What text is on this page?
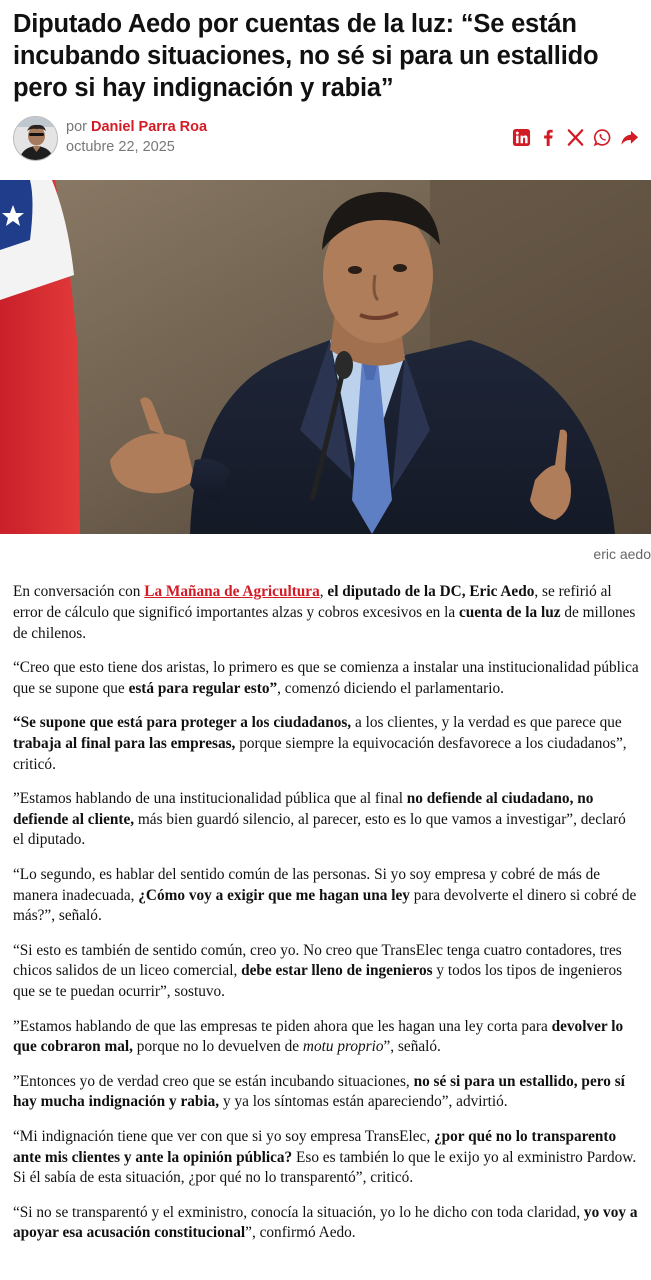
Diputado Aedo por cuentas de la luz: “Se están incubando situaciones, no sé si para un estallido pero si hay indignación y rabia”
por Daniel Parra Roa
octubre 22, 2025
eric aedo

En conversación con La Mañana de Agricultura, el diputado de la DC, Eric Aedo, se refirió al error de cálculo que significó importantes alzas y cobros excesivos en la cuenta de la luz de millones de chilenos.

“Creo que esto tiene dos aristas, lo primero es que se comienza a instalar una institucionalidad pública que se supone que está para regular esto”, comenzó diciendo el parlamentario.

“Se supone que está para proteger a los ciudadanos, a los clientes, y la verdad es que parece que trabaja al final para las empresas, porque siempre la equivocación desfavorece a los ciudadanos”, criticó.

”Estamos hablando de una institucionalidad pública que al final no defiende al ciudadano, no defiende al cliente, más bien guardó silencio, al parecer, esto es lo que vamos a investigar”, declaró el diputado.

“Lo segundo, es hablar del sentido común de las personas. Si yo soy empresa y cobré de más de manera inadecuada, ¿Cómo voy a exigir que me hagan una ley para devolverte el dinero si cobré de más?”, señaló.

“Si esto es también de sentido común, creo yo. No creo que TransElec tenga cuatro contadores, tres chicos salidos de un liceo comercial, debe estar lleno de ingenieros y todos los tipos de ingenieros que se te puedan ocurrir”, sostuvo.

”Estamos hablando de que las empresas te piden ahora que les hagan una ley corta para devolver lo que cobraron mal, porque no lo devuelven de motu proprio”, señaló.

”Entonces yo de verdad creo que se están incubando situaciones, no sé si para un estallido, pero sí hay mucha indignación y rabia, y ya los síntomas están apareciendo”, advirtió.

“Mi indignación tiene que ver con que si yo soy empresa TransElec, ¿por qué no lo transparento ante mis clientes y ante la opinión pública? Eso es también lo que le exijo yo al exministro Pardow. Si él sabía de esta situación, ¿por qué no lo transparentó”, criticó.

“Si no se transparentó y el exministro, conocía la situación, yo lo he dicho con toda claridad, yo voy a apoyar esa acusación constitucional”, confirmó Aedo.
